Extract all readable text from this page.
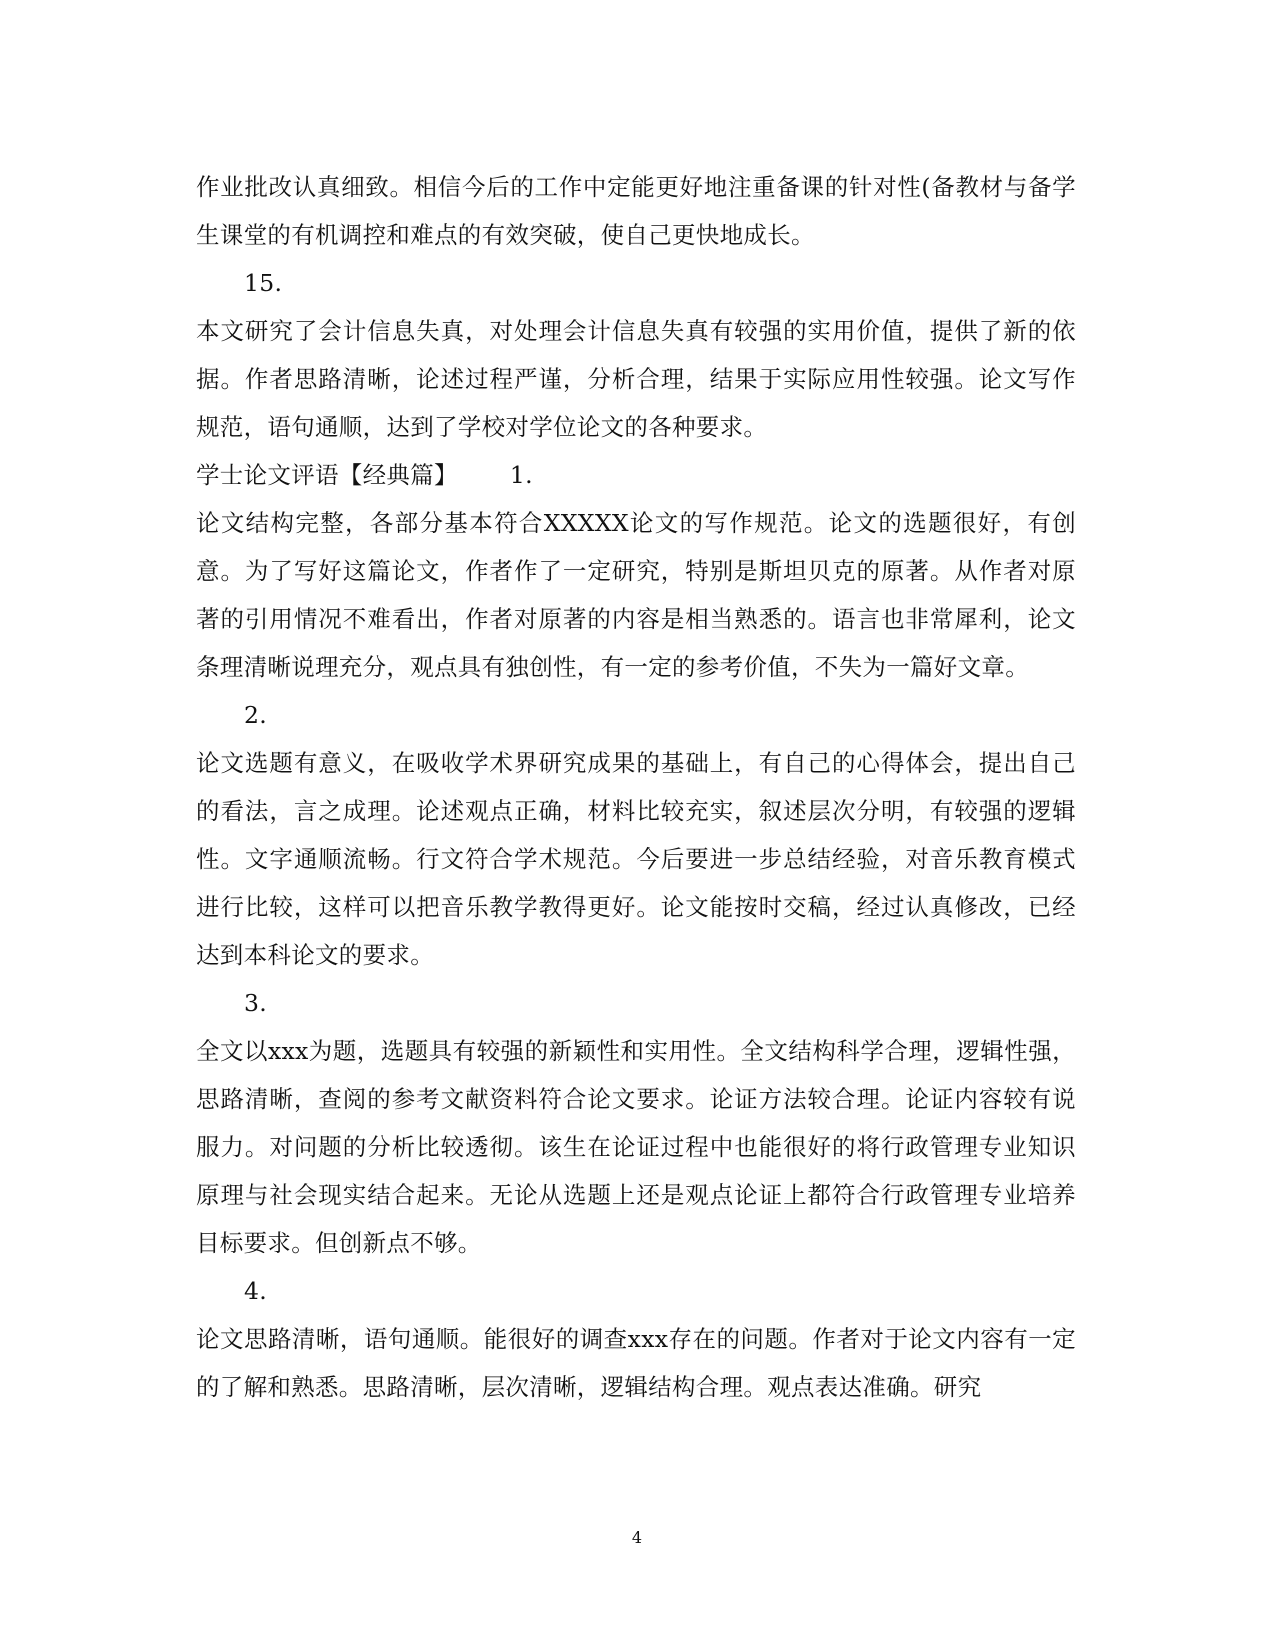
作业批改认真细致。相信今后的工作中定能更好地注重备课的针对性(备教材与备学生课堂的有机调控和难点的有效突破，使自己更快地成长。

15.

本文研究了会计信息失真，对处理会计信息失真有较强的实用价值，提供了新的依据。作者思路清晰，论述过程严谨，分析合理，结果于实际应用性较强。论文写作规范，语句通顺，达到了学校对学位论文的各种要求。

学士论文评语【经典篇】 1.

论文结构完整，各部分基本符合XXXXX论文的写作规范。论文的选题很好，有创意。为了写好这篇论文，作者作了一定研究，特别是斯坦贝克的原著。从作者对原著的引用情况不难看出，作者对原著的内容是相当熟悉的。语言也非常犀利，论文条理清晰说理充分，观点具有独创性，有一定的参考价值，不失为一篇好文章。

2.

论文选题有意义，在吸收学术界研究成果的基础上，有自己的心得体会，提出自己的看法，言之成理。论述观点正确，材料比较充实，叙述层次分明，有较强的逻辑性。文字通顺流畅。行文符合学术规范。今后要进一步总结经验，对音乐教育模式进行比较，这样可以把音乐教学教得更好。论文能按时交稿，经过认真修改，已经达到本科论文的要求。

3.

全文以xxx为题，选题具有较强的新颖性和实用性。全文结构科学合理，逻辑性强，思路清晰，查阅的参考文献资料符合论文要求。论证方法较合理。论证内容较有说服力。对问题的分析比较透彻。该生在论证过程中也能很好的将行政管理专业知识原理与社会现实结合起来。无论从选题上还是观点论证上都符合行政管理专业培养目标要求。但创新点不够。

4.

论文思路清晰，语句通顺。能很好的调查xxx存在的问题。作者对于论文内容有一定的了解和熟悉。思路清晰，层次清晰，逻辑结构合理。观点表达准确。研究

4
